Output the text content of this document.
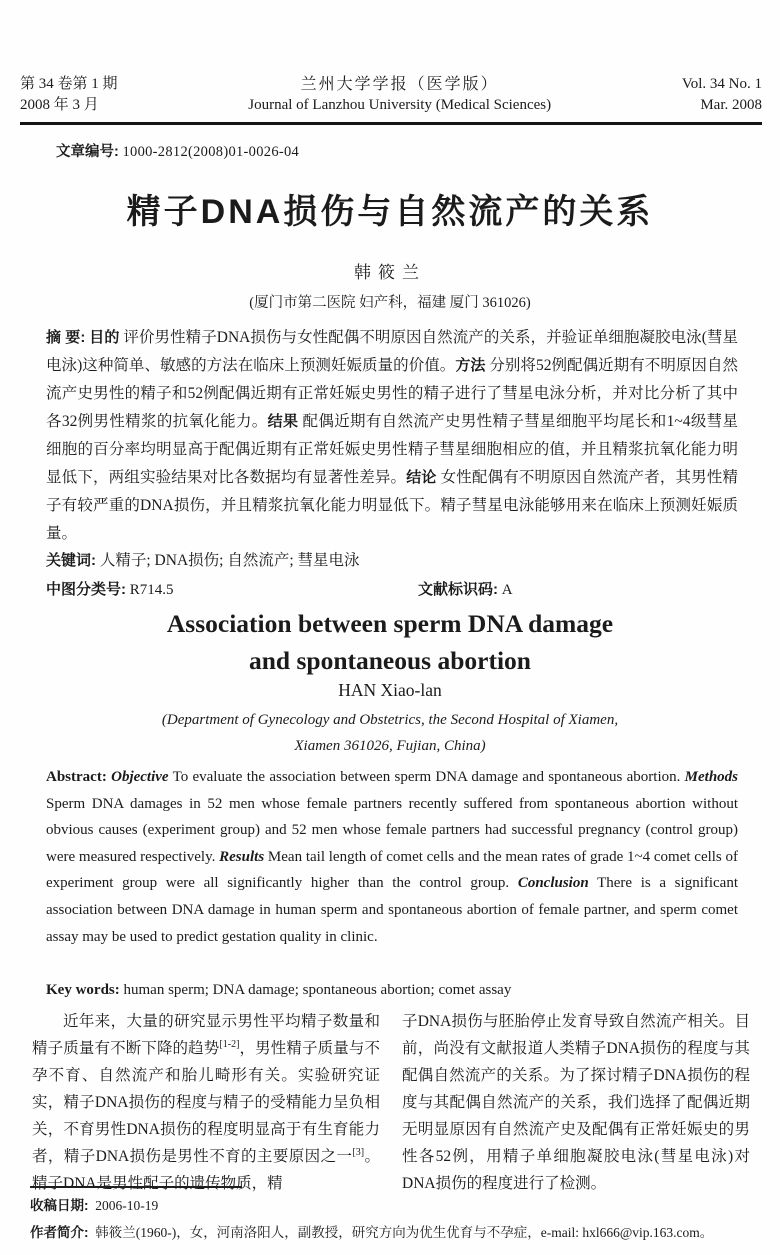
第 34 卷第 1 期
2008 年 3 月
兰州大学学报（医学版）
Journal of Lanzhou University (Medical Sciences)
Vol. 34 No. 1
Mar. 2008
文章编号: 1000-2812(2008)01-0026-04
精子DNA损伤与自然流产的关系
韩筱兰
(厦门市第二医院 妇产科，福建 厦门 361026)

摘 要: 目的 评价男性精子DNA损伤与女性配偶不明原因自然流产的关系，并验证单细胞凝胶电泳(彗星电泳)这种简单、敏感的方法在临床上预测妊娠质量的价值。方法 分别将52例配偶近期有不明原因自然流产史男性的精子和52例配偶近期有正常妊娠史男性的精子进行了彗星电泳分析，并对比分析了其中各32例男性精浆的抗氧化能力。结果 配偶近期有自然流产史男性精子彗星细胞平均尾长和1~4级彗星细胞的百分率均明显高于配偶近期有正常妊娠史男性精子彗星细胞相应的值，并且精浆抗氧化能力明显低下，两组实验结果对比各数据均有显著性差异。结论 女性配偶有不明原因自然流产者，其男性精子有较严重的DNA损伤，并且精浆抗氧化能力明显低下。精子彗星电泳能够用来在临床上预测妊娠质量。

关键词: 人精子; DNA损伤; 自然流产; 彗星电泳

中图分类号: R714.5	文献标识码: A

Association between sperm DNA damage
and spontaneous abortion
HAN Xiao-lan
(Department of Gynecology and Obstetrics, the Second Hospital of Xiamen,
Xiamen 361026, Fujian, China)

Abstract: Objective To evaluate the association between sperm DNA damage and spontaneous abortion. Methods Sperm DNA damages in 52 men whose female partners recently suffered from spontaneous abortion without obvious causes (experiment group) and 52 men whose female partners had successful pregnancy (control group) were measured respectively. Results Mean tail length of comet cells and the mean rates of grade 1~4 comet cells of experiment group were all significantly higher than the control group. Conclusion There is a significant association between DNA damage in human sperm and spontaneous abortion of female partner, and sperm comet assay may be used to predict gestation quality in clinic.

Key words: human sperm; DNA damage; spontaneous abortion; comet assay

近年来，大量的研究显示男性平均精子数量和精子质量有不断下降的趋势[1-2]，男性精子质量与不孕不育、自然流产和胎儿畸形有关。实验研究证实，精子DNA损伤的程度与精子的受精能力呈负相关，不育男性DNA损伤的程度明显高于有生育能力者，精子DNA损伤是男性不育的主要原因之一[3]。精子DNA是男性配子的遗传物质，精

子DNA损伤与胚胎停止发育导致自然流产相关。目前，尚没有文献报道人类精子DNA损伤的程度与其配偶自然流产的关系。为了探讨精子DNA损伤的程度与其配偶自然流产的关系，我们选择了配偶近期无明显原因有自然流产史及配偶有正常妊娠史的男性各52例，用精子单细胞凝胶电泳(彗星电泳)对DNA损伤的程度进行了检测。

收稿日期: 2006-10-19
作者简介: 韩筱兰(1960-)，女，河南洛阳人，副教授，研究方向为优生优育与不孕症，e-mail: hxl666@vip.163.com。
